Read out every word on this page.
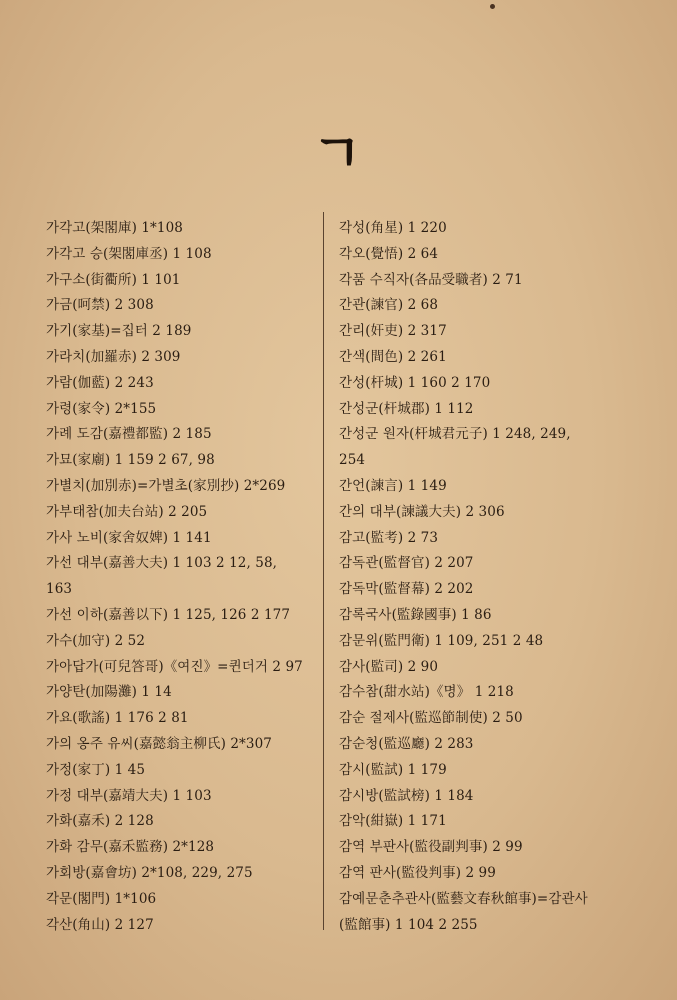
ㄱ
가각고(架閣庫) 1*108
가각고 승(架閣庫丞) 1 108
가구소(街衢所) 1 101
가금(呵禁) 2 308
가기(家基)=집터 2 189
가라치(加羅赤) 2 309
가람(伽藍) 2 243
가령(家令) 2*155
가례 도감(嘉禮都監) 2 185
가묘(家廟) 1 159 2 67, 98
가별치(加別赤)=가별초(家別抄) 2*269
가부태참(加夫台站) 2 205
가사 노비(家舍奴婢) 1 141
가선 대부(嘉善大夫) 1 103 2 12, 58,
163
가선 이하(嘉善以下) 1 125, 126 2 177
가수(加守) 2 52
가아답가(可兒答哥)《여진》=퀸더거 2 97
가양탄(加陽灘) 1 14
가요(歌謠) 1 176 2 81
가의 옹주 유씨(嘉懿翁主柳氏) 2*307
가정(家丁) 1 45
가정 대부(嘉靖大夫) 1 103
가화(嘉禾) 2 128
가화 감무(嘉禾監務) 2*128
가회방(嘉會坊) 2*108, 229, 275
각문(閣門) 1*106
각산(角山) 2 127
각성(角星) 1 220
각오(覺悟) 2 64
각품 수직자(各品受職者) 2 71
간관(諫官) 2 68
간리(奸吏) 2 317
간색(間色) 2 261
간성(杆城) 1 160 2 170
간성군(杆城郡) 1 112
간성군 원자(杆城君元子) 1 248, 249,
254
간언(諫言) 1 149
간의 대부(諫議大夫) 2 306
감고(監考) 2 73
감독관(監督官) 2 207
감독막(監督幕) 2 202
감록국사(監錄國事) 1 86
감문위(監門衛) 1 109, 251 2 48
감사(監司) 2 90
감수참(甜水站)《명》 1 218
감순 절제사(監巡節制使) 2 50
감순청(監巡廳) 2 283
감시(監試) 1 179
감시방(監試榜) 1 184
감악(紺嶽) 1 171
감역 부판사(監役副判事) 2 99
감역 판사(監役判事) 2 99
감예문춘추관사(監藝文春秋館事)=감관사
(監館事) 1 104 2 255
